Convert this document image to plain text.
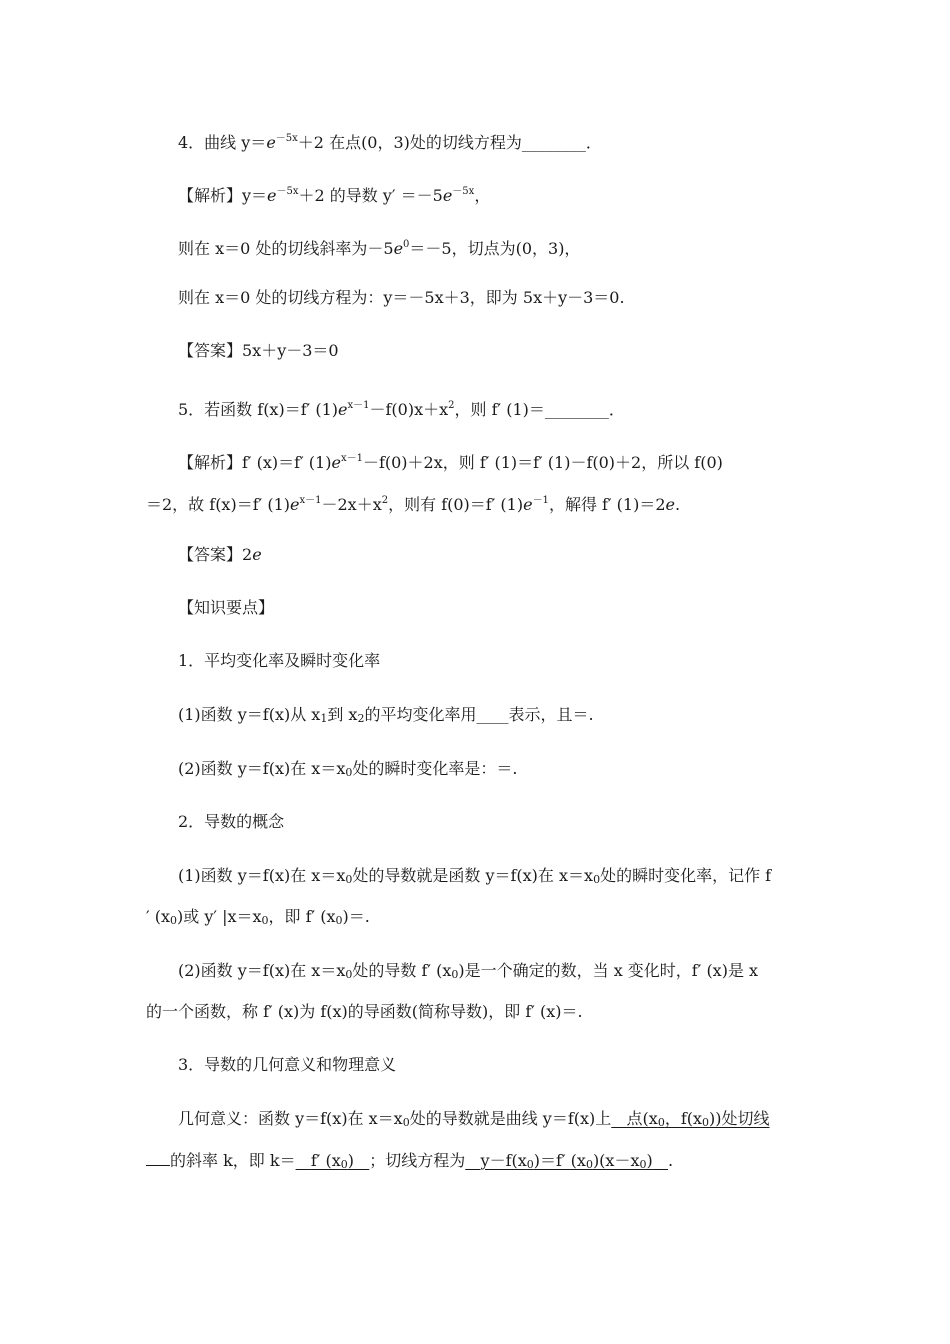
4．曲线 $y=e^{-5x}+2$ 在点(0，3)处的切线方程为________．
【解析】$y=e^{-5x}+2$ 的导数 $y' =-5e^{-5x}$，
则在 x＝0 处的切线斜率为$-5e^0=-5$，切点为(0，3)，
则在 x＝0 处的切线方程为：y＝－5x＋3，即为 5x＋y－3＝0.
【答案】5x＋y－3＝0
5．若函数 f(x)＝f′ $(1)e^{x-1}-f(0)x+x^2$，则 f′ (1)＝________．
【解析】f′ (x)＝f′ $(1)e^{x-1}-f(0)+2x$，则 f′ (1)＝f′ (1)－f(0)＋2，所以 f(0)
＝2，故 f(x)＝f′ $(1)e^{x-1}-2x+x^2$，则有 f(0)＝f′ $(1)e^{-1}$，解得 f′ (1)＝2e.
【答案】2e
【知识要点】
1．平均变化率及瞬时变化率
(1)函数 y＝f(x)从 x1到 x2的平均变化率用____表示，且＝.
(2)函数 y＝f(x)在 x＝x0处的瞬时变化率是：＝.
2．导数的概念
(1)函数 y＝f(x)在 x＝x0处的导数就是函数 y＝f(x)在 x＝x0处的瞬时变化率，记作 f
′ (x0)或 y′ |x＝x0，即 f′ (x0)＝.
(2)函数 y＝f(x)在 x＝x0处的导数 f′ (x0)是一个确定的数，当 x 变化时，f′ (x)是 x
的一个函数，称 f′ (x)为 f(x)的导函数(简称导数)，即 f′ (x)＝.
3．导数的几何意义和物理意义
几何意义：函数 y＝f(x)在 x＝x0处的导数就是曲线 y＝f(x)上 点(x0，f(x0))处切线
的斜率 k，即 k＝ f′ (x0) ；切线方程为 y－f(x0)＝f′ (x0)(x－x0) .
